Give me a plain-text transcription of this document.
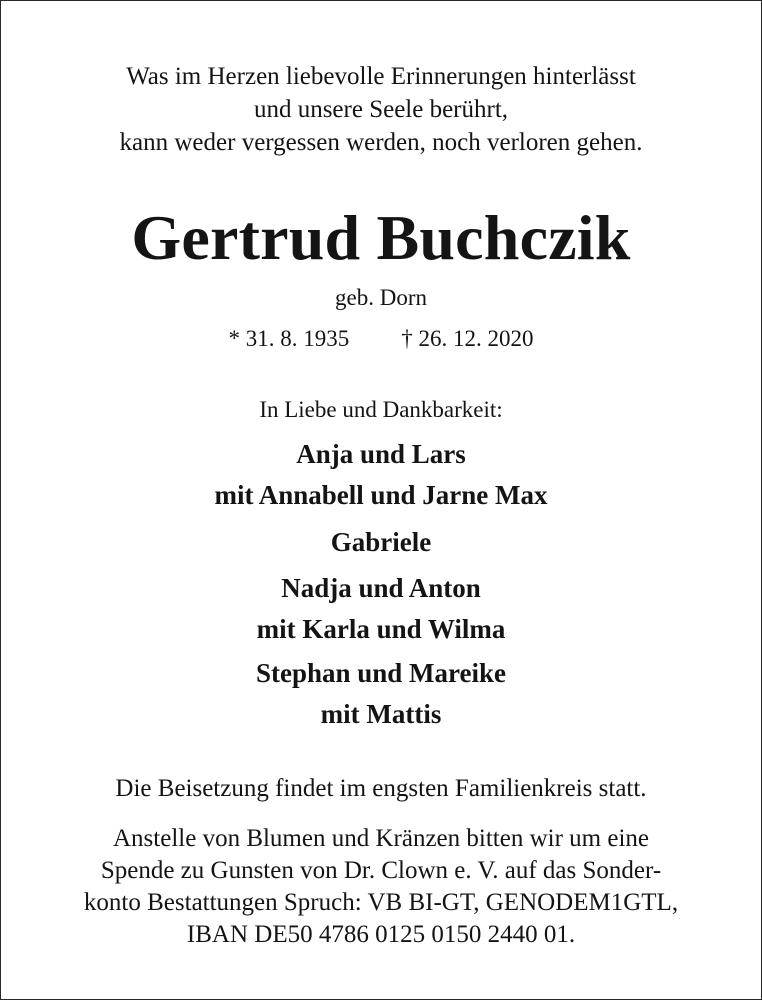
Was im Herzen liebevolle Erinnerungen hinterlässt
und unsere Seele berührt,
kann weder vergessen werden, noch verloren gehen.
Gertrud Buchczik
geb. Dorn
* 31. 8. 1935 † 26. 12. 2020
In Liebe und Dankbarkeit:
Anja und Lars
mit Annabell und Jarne Max
Gabriele
Nadja und Anton
mit Karla und Wilma
Stephan und Mareike
mit Mattis
Die Beisetzung findet im engsten Familienkreis statt.
Anstelle von Blumen und Kränzen bitten wir um eine
Spende zu Gunsten von Dr. Clown e. V. auf das Sonder-
konto Bestattungen Spruch: VB BI-GT, GENODEM1GTL,
IBAN DE50 4786 0125 0150 2440 01.
